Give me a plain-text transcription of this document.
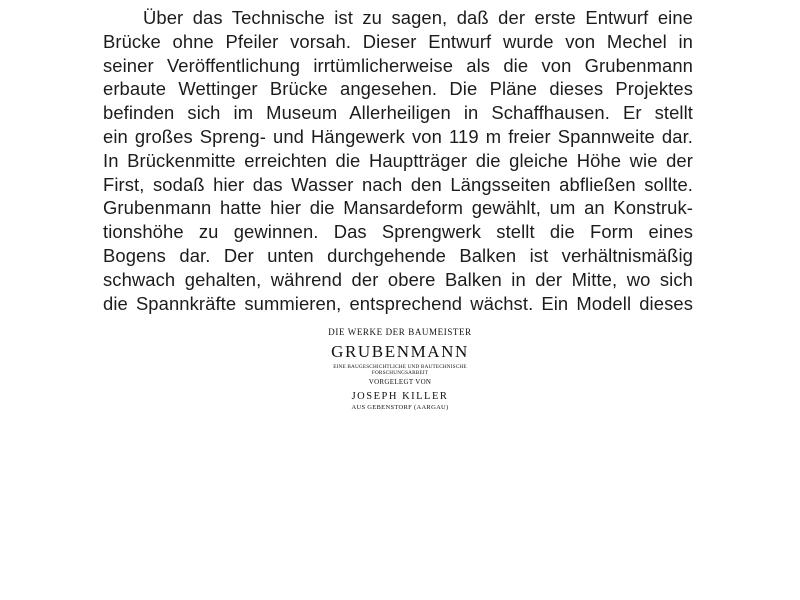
Über das Technische ist zu sagen, daß der erste Entwurf eine
Brücke ohne Pfeiler vorsah. Dieser Entwurf wurde von Mechel in
seiner Veröffentlichung irrtümlicherweise als die von Grubenmann
erbaute Wettinger Brücke angesehen. Die Pläne dieses Projektes
befinden sich im Museum Allerheiligen in Schaffhausen. Er stellt
ein großes Spreng- und Hängewerk von 119 m freier Spannweite dar.
In Brückenmitte erreichten die Hauptträger die gleiche Höhe wie der
First, sodaß hier das Wasser nach den Längsseiten abfließen sollte.
Grubenmann hatte hier die Mansardeform gewählt, um an Konstruk-
tionshöhe zu gewinnen. Das Sprengwerk stellt die Form eines
Bogens dar. Der unten durchgehende Balken ist verhältnismäßig
schwach gehalten, während der obere Balken in der Mitte, wo sich
die Spannkräfte summieren, entsprechend wächst. Ein Modell dieses
DIE WERKE DER BAUMEISTER
GRUBENMANN
EINE BAUGESCHICHTLICHE UND BAUTECHNISCHE
FORSCHUNGSARBEIT
VORGELEGT VON
JOSEPH KILLER
AUS GEBENSTORF (AARGAU)
